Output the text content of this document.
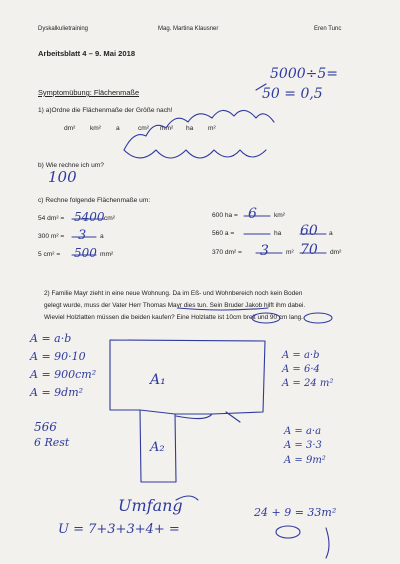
Dyskalkulietraining	Mag. Martina Klausner	Eren Tunc
Arbeitsblatt 4 – 9. Mai 2018
Symptomübung: Flächenmaße
1) a)Ordne die Flächenmaße der Größe nach!
dm² km² a	cm² mm² ha m²
b) Wie rechne ich um?
c) Rechne folgende Flächenmaße um:
54 dm² =	cm²
300 m² =	a
5 cm² =	mm²
600 ha =	km²
560 a =	ha
370 dm² =	m²
a
dm²
2) Familie Mayr zieht in eine neue Wohnung. Da im Eß- und Wohnbereich noch kein Boden
gelegt wurde, muss der Vater Herr Thomas Mayr dies tun. Sein Bruder Jakob hilft ihm dabei.
Wieviel Holzlatten müssen die beiden kaufen? Eine Holzlatte ist 10cm breit und 90 cm lang.
5000÷5=
50 = 0,5
100
5400
3
500
6
60
3 70
A = a·b
A = 90·10
A = 900cm²
A = 9dm²
A = a·b
A = 6·4
A = 24 m²
A = a·a
A = 3·3
A = 9m²
566
6 Rest
A₁
A₂
24 + 9 = 33m²
Umfang
U = 7+3+3+4+ =
